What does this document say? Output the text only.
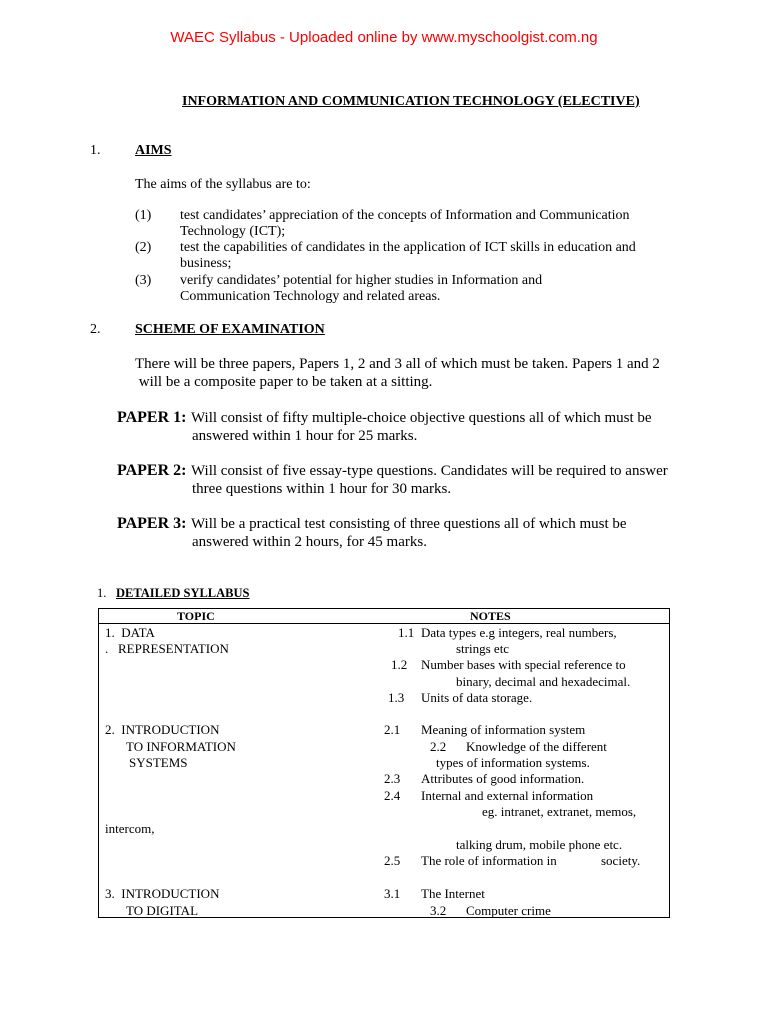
WAEC Syllabus - Uploaded online by www.myschoolgist.com.ng
INFORMATION AND COMMUNICATION TECHNOLOGY (ELECTIVE)
1. AIMS
The aims of the syllabus are to:
(1) test candidates’ appreciation of the concepts of Information and Communication
Technology (ICT);
(2) test the capabilities of candidates in the application of ICT skills in education and
business;
(3) verify candidates’ potential for higher studies in Information and
Communication Technology and related areas.
2. SCHEME OF EXAMINATION
There will be three papers, Papers 1, 2 and 3 all of which must be taken. Papers 1 and 2
will be a composite paper to be taken at a sitting.
PAPER 1: Will consist of fifty multiple-choice objective questions all of which must be
answered within 1 hour for 25 marks.
PAPER 2: Will consist of five essay-type questions. Candidates will be required to answer
three questions within 1 hour for 30 marks.
PAPER 3: Will be a practical test consisting of three questions all of which must be
answered within 2 hours, for 45 marks.
1. DETAILED SYLLABUS
TOPIC	NOTES
1.  DATA
.   REPRESENTATION
2.  INTRODUCTION
TO INFORMATION
SYSTEMS
intercom,
3.  INTRODUCTION
TO DIGITAL
1.1 Data types e.g integers, real numbers,
strings etc
1.2 Number bases with special reference to
binary, decimal and hexadecimal.
1.3 Units of data storage.
2.1 Meaning of information system
2.2 Knowledge of the different
types of information systems.
2.3 Attributes of good information.
2.4 Internal and external information
eg. intranet, extranet, memos,
talking drum, mobile phone etc.
2.5 The role of information in	society.
3.1 The Internet
3.2 Computer crime
